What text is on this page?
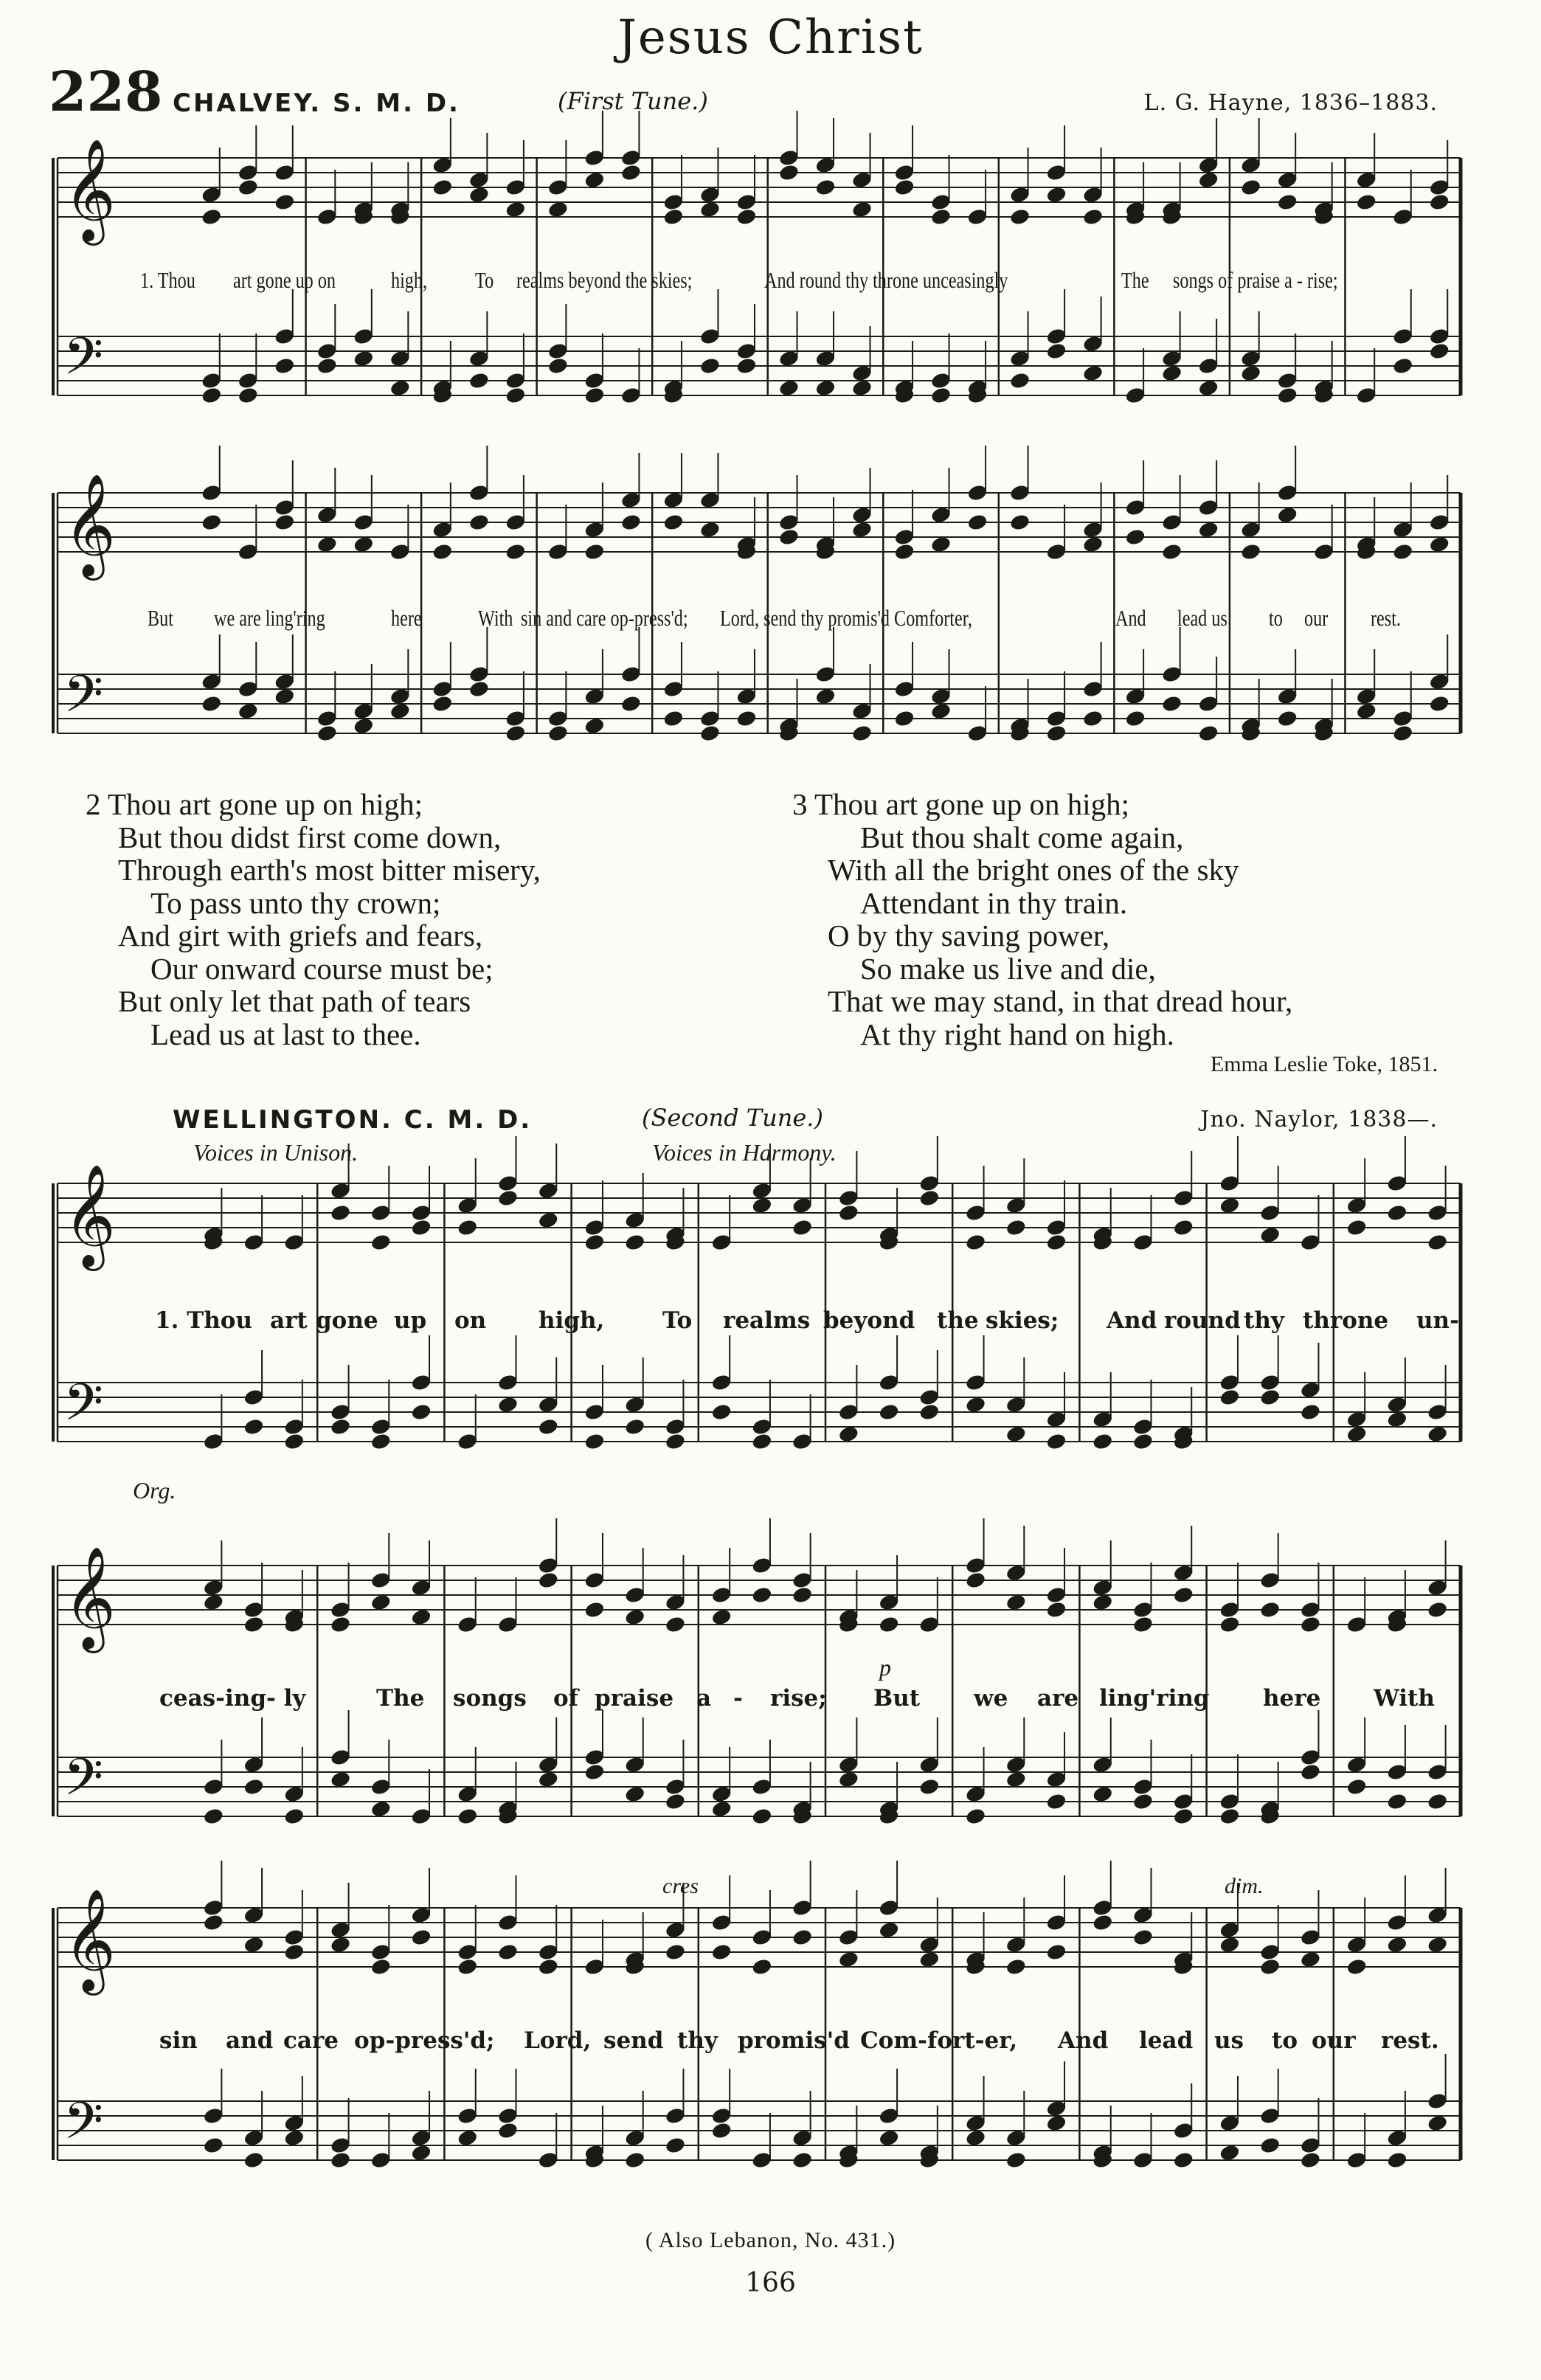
𝄞
𝄢
𝄞
𝄢
𝄞
𝄢
𝄞
𝄢
𝄞
𝄢
Jesus Christ
228 CHALVEY. S. M. D.	(First Tune.)	L. G. Hayne, 1836–1883.
1. Thou art gone up on high, To realms beyond the skies;	And round thy throne unceasingly	The songs of praise a - rise;
But we are ling'ring	here With sin and care op-press'd; Lord, send thy promis'd Comforter,	And lead us to our rest.
2 Thou art gone up on high;
But thou didst first come down,
Through earth's most bitter misery,
To pass unto thy crown;
And girt with griefs and fears,
Our onward course must be;
But only let that path of tears
Lead us at last to thee.
3 Thou art gone up on high;
But thou shalt come again,
With all the bright ones of the sky
Attendant in thy train.
O by thy saving power,
So make us live and die,
That we may stand, in that dread hour,
At thy right hand on high.
Emma Leslie Toke, 1851.
WELLINGTON. C. M. D.	(Second Tune.)	Jno. Naylor, 1838—.
Voices in Unison.	Voices in Harmony.
Org.
p
cres	dim.
1. Thou art gone up on high,	To realms beyond the skies; And round thy throne un-
ceas-ing- ly	The songs of praise a - rise; But we are ling'ring here With
sin and care op-press'd; Lord, send thy promis'd Com-fort-er, And lead us to our rest.
( Also Lebanon, No. 431.)
166
